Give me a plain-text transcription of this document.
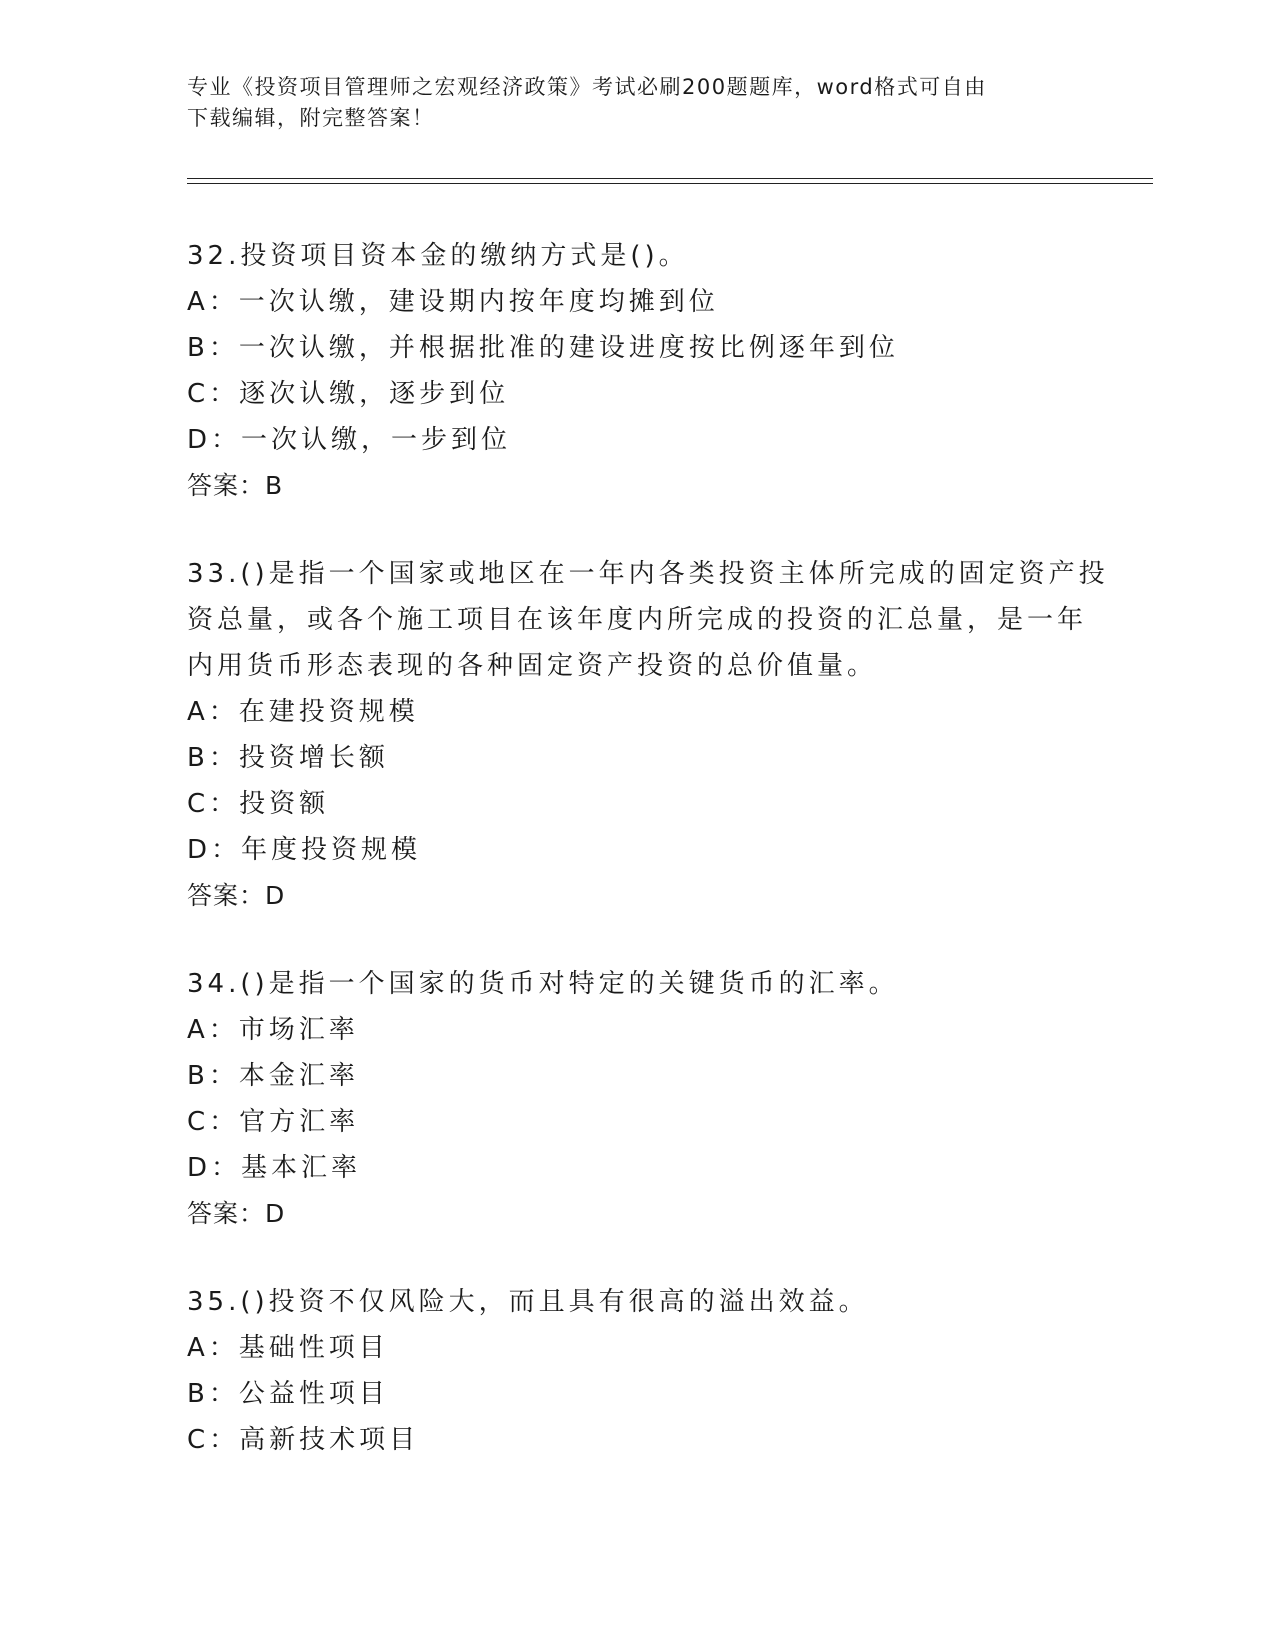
专业《投资项目管理师之宏观经济政策》考试必刷200题题库，word格式可自由
下载编辑，附完整答案！
32.投资项目资本金的缴纳方式是()。
A：一次认缴，建设期内按年度均摊到位
B：一次认缴，并根据批准的建设进度按比例逐年到位
C：逐次认缴，逐步到位
D：一次认缴，一步到位
答案：B
33.()是指一个国家或地区在一年内各类投资主体所完成的固定资产投
资总量，或各个施工项目在该年度内所完成的投资的汇总量，是一年
内用货币形态表现的各种固定资产投资的总价值量。
A：在建投资规模
B：投资增长额
C：投资额
D：年度投资规模
答案：D
34.()是指一个国家的货币对特定的关键货币的汇率。
A：市场汇率
B：本金汇率
C：官方汇率
D：基本汇率
答案：D
35.()投资不仅风险大，而且具有很高的溢出效益。
A：基础性项目
B：公益性项目
C：高新技术项目
